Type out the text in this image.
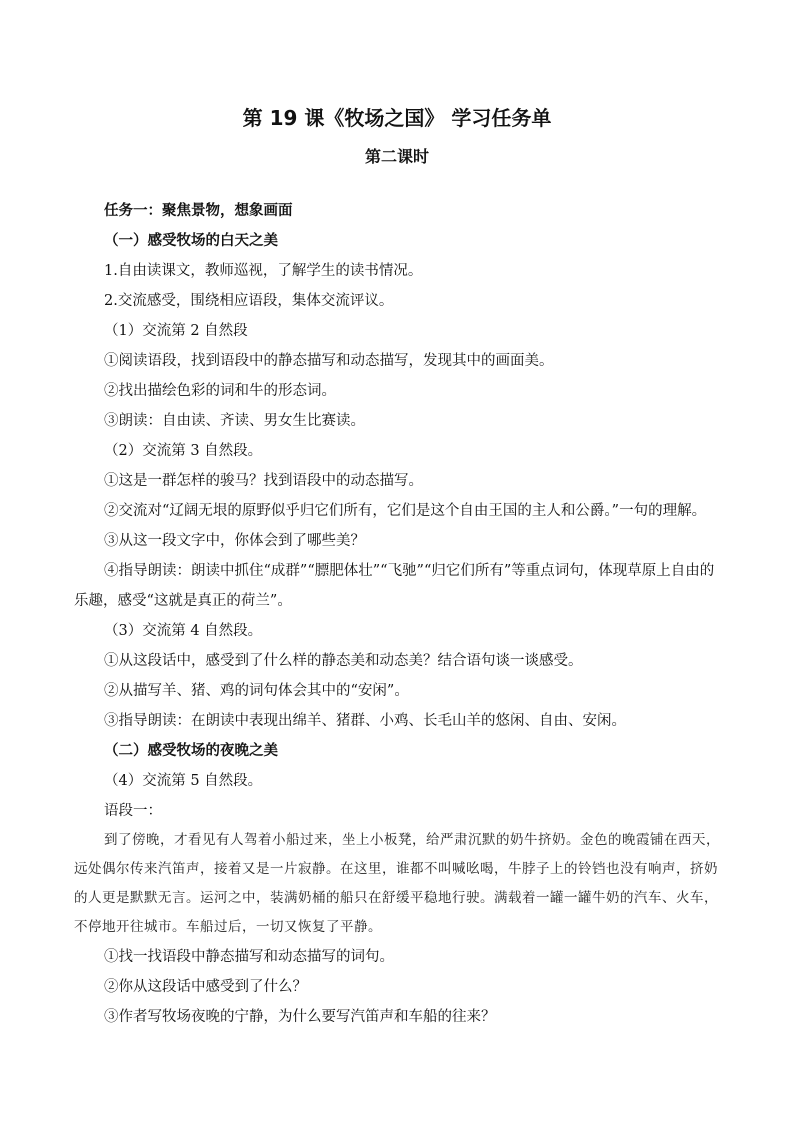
第 19 课《牧场之国》 学习任务单
第二课时

任务一：聚焦景物，想象画面

（一）感受牧场的白天之美

1.自由读课文，教师巡视，了解学生的读书情况。

2.交流感受，围绕相应语段，集体交流评议。

（1）交流第 2 自然段

①阅读语段，找到语段中的静态描写和动态描写，发现其中的画面美。

②找出描绘色彩的词和牛的形态词。

③朗读：自由读、齐读、男女生比赛读。

（2）交流第 3 自然段。

①这是一群怎样的骏马？找到语段中的动态描写。

②交流对“辽阔无垠的原野似乎归它们所有，它们是这个自由王国的主人和公爵。”一句的理解。

③从这一段文字中，你体会到了哪些美？

④指导朗读：朗读中抓住“成群”“膘肥体壮”“飞驰”“归它们所有”等重点词句，体现草原上自由的乐趣，感受“这就是真正的荷兰”。

（3）交流第 4 自然段。

①从这段话中，感受到了什么样的静态美和动态美？结合语句谈一谈感受。

②从描写羊、猪、鸡的词句体会其中的“安闲”。

③指导朗读：在朗读中表现出绵羊、猪群、小鸡、长毛山羊的悠闲、自由、安闲。

（二）感受牧场的夜晚之美

（4）交流第 5 自然段。

语段一：

到了傍晚，才看见有人驾着小船过来，坐上小板凳，给严肃沉默的奶牛挤奶。金色的晚霞铺在西天，远处偶尔传来汽笛声，接着又是一片寂静。在这里，谁都不叫喊吆喝，牛脖子上的铃铛也没有响声，挤奶的人更是默默无言。运河之中，装满奶桶的船只在舒缓平稳地行驶。满载着一罐一罐牛奶的汽车、火车，不停地开往城市。车船过后，一切又恢复了平静。

①找一找语段中静态描写和动态描写的词句。

②你从这段话中感受到了什么？

③作者写牧场夜晚的宁静，为什么要写汽笛声和车船的往来？
